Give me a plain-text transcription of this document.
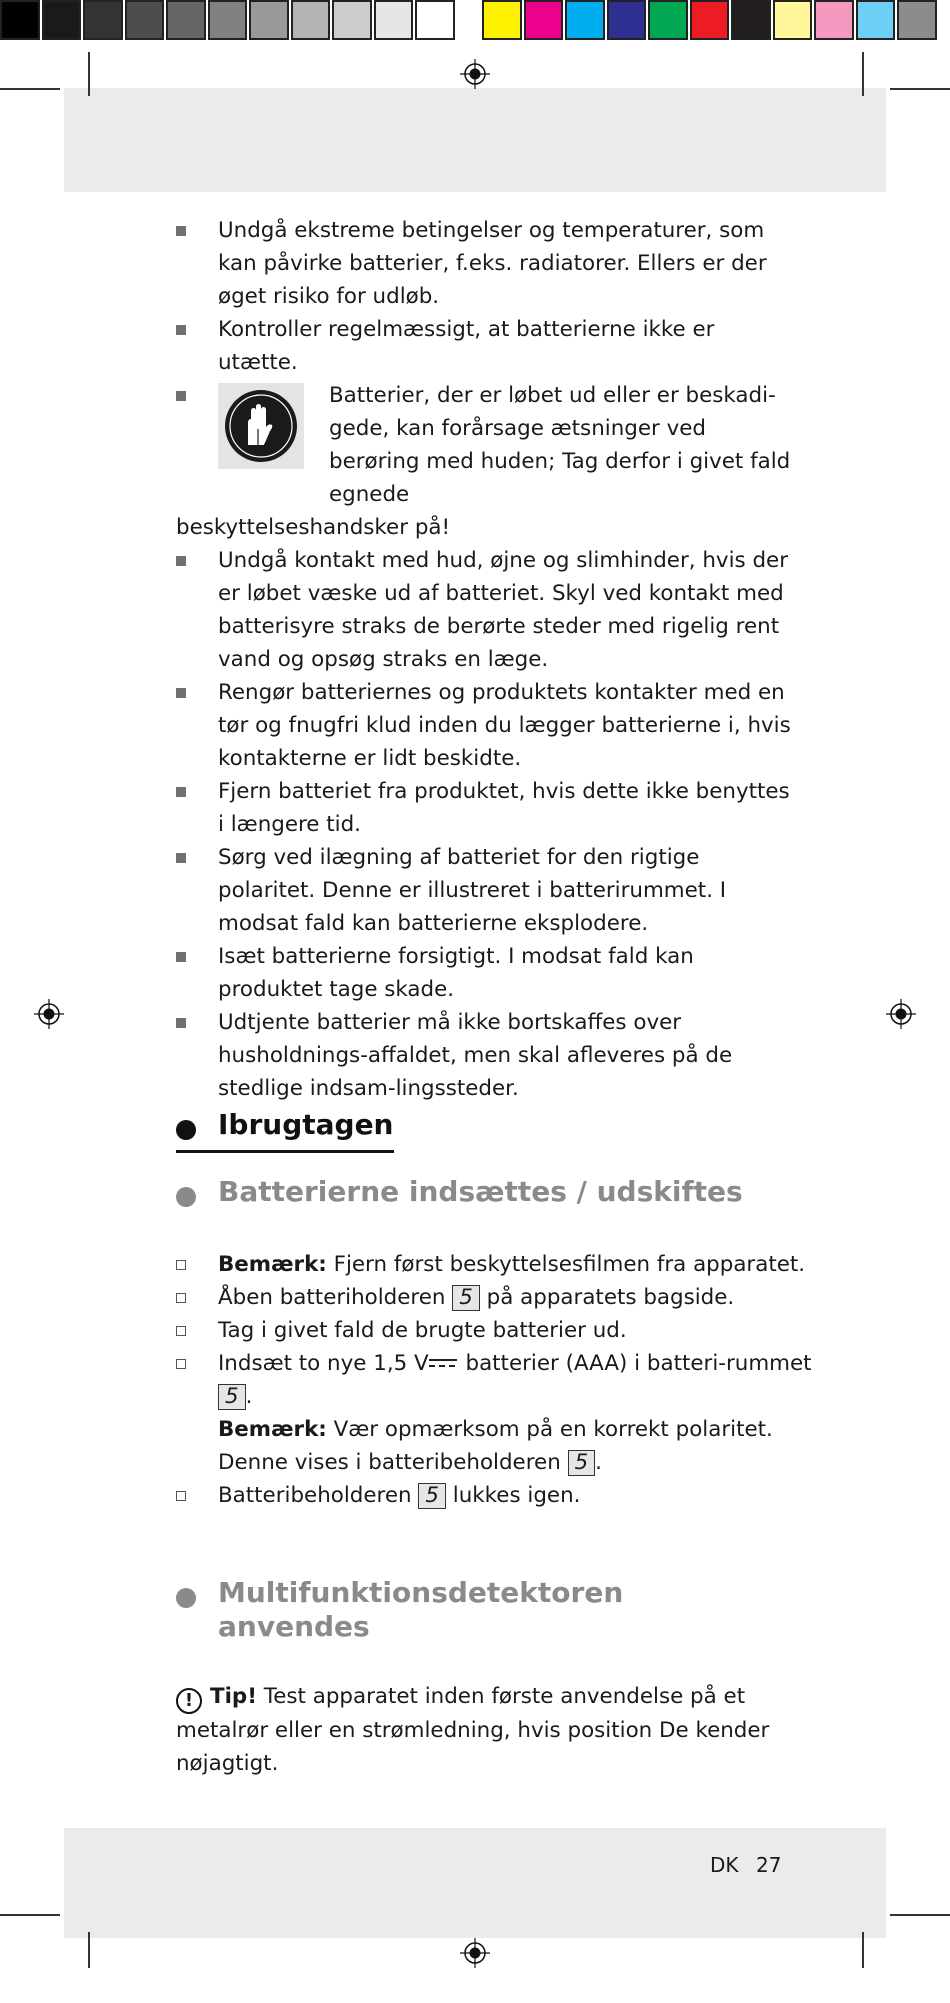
Undgå ekstreme betingelser og temperaturer, som kan påvirke batterier, f.eks. radiatorer. Ellers er der øget risiko for udløb.

Kontroller regelmæssigt, at batterierne ikke er utætte.

Batterier, der er løbet ud eller er beskadi-gede, kan forårsage ætsninger ved berøring med huden; Tag derfor i givet fald egnede

beskyttelseshandsker på!

Undgå kontakt med hud, øjne og slimhinder, hvis der er løbet væske ud af batteriet. Skyl ved kontakt med batterisyre straks de berørte steder med rigelig rent vand og opsøg straks en læge.

Rengør batteriernes og produktets kontakter med en tør og fnugfri klud inden du lægger batterierne i, hvis kontakterne er lidt beskidte.

Fjern batteriet fra produktet, hvis dette ikke benyttes i længere tid.

Sørg ved ilægning af batteriet for den rigtige polaritet. Denne er illustreret i batterirummet. I modsat fald kan batterierne eksplodere.

Isæt batterierne forsigtigt. I modsat fald kan produktet tage skade.

Udtjente batterier må ikke bortskaffes over husholdnings-affaldet, men skal afleveres på de stedlige indsam-lingssteder.

Ibrugtagen
Batterierne indsættes / udskiftes

Bemærk: Fjern først beskyttelsesfilmen fra apparatet.

Åben batteriholderen 5 på apparatets bagside.

Tag i givet fald de brugte batterier ud.

Indsæt to nye 1,5 V
batterier (AAA) i batteri-rummet 5 .

Bemærk: Vær opmærksom på en korrekt polaritet. Denne vises i batteribeholderen 5 .

Batteribeholderen 5 lukkes igen.

Multifunktionsdetektoren
anvendes
! Tip! Test apparatet inden første anvendelse på et metalrør eller en strømledning, hvis position De kender nøjagtigt.
DK 27
